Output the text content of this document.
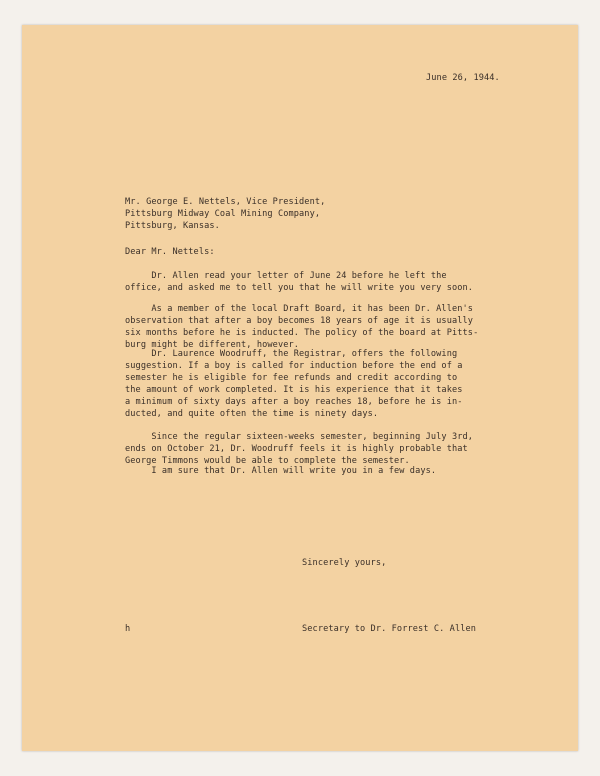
June 26, 1944.
Mr. George E. Nettels, Vice President,
Pittsburg Midway Coal Mining Company,
Pittsburg, Kansas.
Dear Mr. Nettels:
Dr. Allen read your letter of June 24 before he left the
office, and asked me to tell you that he will write you very soon.
As a member of the local Draft Board, it has been Dr. Allen's
observation that after a boy becomes 18 years of age it is usually
six months before he is inducted. The policy of the board at Pitts-
burg might be different, however.
Dr. Laurence Woodruff, the Registrar, offers the following
suggestion. If a boy is called for induction before the end of a
semester he is eligible for fee refunds and credit according to
the amount of work completed. It is his experience that it takes
a minimum of sixty days after a boy reaches 18, before he is in-
ducted, and quite often the time is ninety days.
Since the regular sixteen-weeks semester, beginning July 3rd,
ends on October 21, Dr. Woodruff feels it is highly probable that
George Timmons would be able to complete the semester.
I am sure that Dr. Allen will write you in a few days.
Sincerely yours,
h	Secretary to Dr. Forrest C. Allen
